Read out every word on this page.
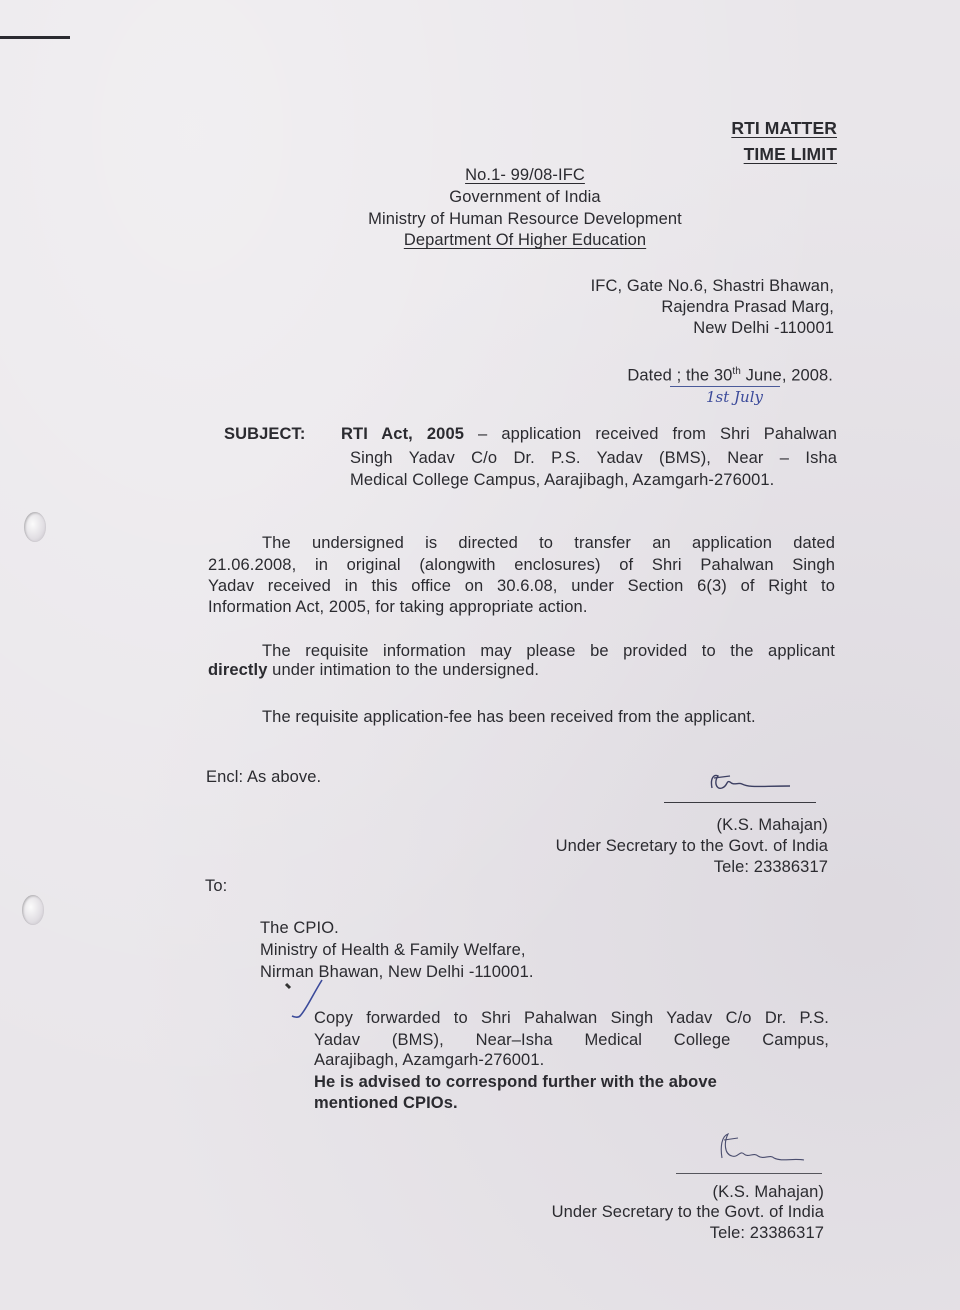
RTI MATTER
TIME LIMIT
No.1- 99/08-IFC
Government of India
Ministry of Human Resource Development
Department Of Higher Education
IFC, Gate No.6, Shastri Bhawan,
Rajendra Prasad Marg,
New Delhi -110001
Dated ; the 30th June, 2008.
1st July
SUBJECT: RTI Act, 2005 – application received from Shri Pahalwan
Singh Yadav C/o Dr. P.S. Yadav (BMS), Near – Isha
Medical College Campus, Aarajibagh, Azamgarh-276001.
The undersigned is directed to transfer an application dated
21.06.2008, in original (alongwith enclosures) of Shri Pahalwan Singh
Yadav received in this office on 30.6.08, under Section 6(3) of Right to
Information Act, 2005, for taking appropriate action.
The requisite information may please be provided to the applicant
directly under intimation to the undersigned.
The requisite application-fee has been received from the applicant.
Encl: As above.
(K.S. Mahajan)
Under Secretary to the Govt. of India
Tele: 23386317
To:
The CPIO.
Ministry of Health & Family Welfare,
Nirman Bhawan, New Delhi -110001.
Copy forwarded to Shri Pahalwan Singh Yadav C/o Dr. P.S.
Yadav (BMS), Near–Isha Medical College Campus,
Aarajibagh, Azamgarh-276001.
He is advised to correspond further with the above
mentioned CPIOs.
(K.S. Mahajan)
Under Secretary to the Govt. of India
Tele: 23386317
